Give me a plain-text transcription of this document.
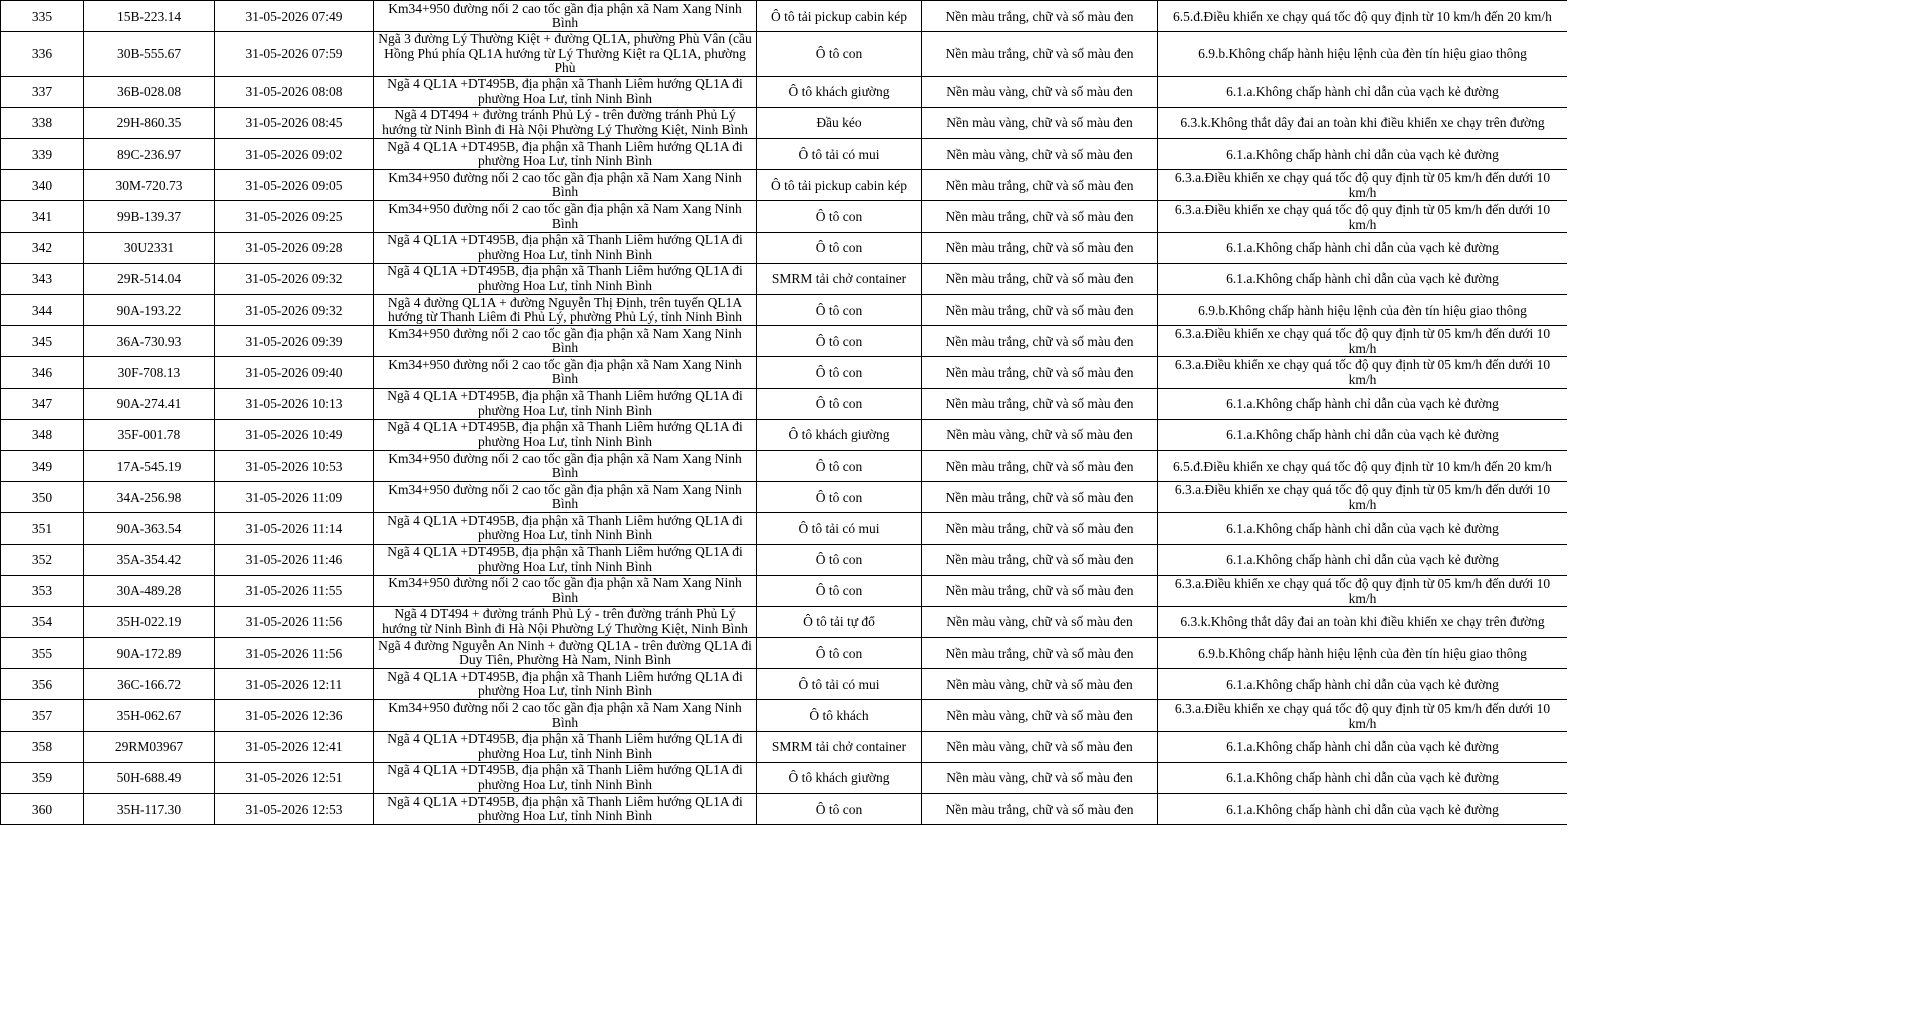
335	15B-223.14	31-05-2026 07:49	Km34+950 đường nối 2 cao tốc gần địa phận xã Nam Xang Ninh Bình	Ô tô tải pickup cabin kép	Nền màu trắng, chữ và số màu đen	6.5.đ.Điều khiển xe chạy quá tốc độ quy định từ 10 km/h đến 20 km/h
336	30B-555.67	31-05-2026 07:59	Ngã 3 đường Lý Thường Kiệt + đường QL1A, phường Phù Vân (cầu Hồng Phú phía QL1A hướng từ Lý Thường Kiệt ra QL1A, phường Phù	Ô tô con	Nền màu trắng, chữ và số màu đen	6.9.b.Không chấp hành hiệu lệnh của đèn tín hiệu giao thông
337	36B-028.08	31-05-2026 08:08	Ngã 4 QL1A +DT495B, địa phận xã Thanh Liêm hướng QL1A đi phường Hoa Lư, tỉnh Ninh Bình	Ô tô khách giường	Nền màu vàng, chữ và số màu đen	6.1.a.Không chấp hành chỉ dẫn của vạch kẻ đường
338	29H-860.35	31-05-2026 08:45	Ngã 4 DT494 + đường tránh Phủ Lý - trên đường tránh Phủ Lý hướng từ Ninh Bình đi Hà Nội Phường Lý Thường Kiệt, Ninh Bình	Đầu kéo	Nền màu vàng, chữ và số màu đen	6.3.k.Không thắt dây đai an toàn khi điều khiển xe chạy trên đường
339	89C-236.97	31-05-2026 09:02	Ngã 4 QL1A +DT495B, địa phận xã Thanh Liêm hướng QL1A đi phường Hoa Lư, tỉnh Ninh Bình	Ô tô tải có mui	Nền màu vàng, chữ và số màu đen	6.1.a.Không chấp hành chỉ dẫn của vạch kẻ đường
340	30M-720.73	31-05-2026 09:05	Km34+950 đường nối 2 cao tốc gần địa phận xã Nam Xang Ninh Bình	Ô tô tải pickup cabin kép	Nền màu trắng, chữ và số màu đen	6.3.a.Điều khiển xe chạy quá tốc độ quy định từ 05 km/h đến dưới 10 km/h
341	99B-139.37	31-05-2026 09:25	Km34+950 đường nối 2 cao tốc gần địa phận xã Nam Xang Ninh Bình	Ô tô con	Nền màu trắng, chữ và số màu đen	6.3.a.Điều khiển xe chạy quá tốc độ quy định từ 05 km/h đến dưới 10 km/h
342	30U2331	31-05-2026 09:28	Ngã 4 QL1A +DT495B, địa phận xã Thanh Liêm hướng QL1A đi phường Hoa Lư, tỉnh Ninh Bình	Ô tô con	Nền màu trắng, chữ và số màu đen	6.1.a.Không chấp hành chỉ dẫn của vạch kẻ đường
343	29R-514.04	31-05-2026 09:32	Ngã 4 QL1A +DT495B, địa phận xã Thanh Liêm hướng QL1A đi phường Hoa Lư, tỉnh Ninh Bình	SMRM tải chở container	Nền màu trắng, chữ và số màu đen	6.1.a.Không chấp hành chỉ dẫn của vạch kẻ đường
344	90A-193.22	31-05-2026 09:32	Ngã 4 đường QL1A + đường Nguyễn Thị Định, trên tuyến QL1A hướng từ Thanh Liêm đi Phủ Lý, phường Phủ Lý, tỉnh Ninh Bình	Ô tô con	Nền màu trắng, chữ và số màu đen	6.9.b.Không chấp hành hiệu lệnh của đèn tín hiệu giao thông
345	36A-730.93	31-05-2026 09:39	Km34+950 đường nối 2 cao tốc gần địa phận xã Nam Xang Ninh Bình	Ô tô con	Nền màu trắng, chữ và số màu đen	6.3.a.Điều khiển xe chạy quá tốc độ quy định từ 05 km/h đến dưới 10 km/h
346	30F-708.13	31-05-2026 09:40	Km34+950 đường nối 2 cao tốc gần địa phận xã Nam Xang Ninh Bình	Ô tô con	Nền màu trắng, chữ và số màu đen	6.3.a.Điều khiển xe chạy quá tốc độ quy định từ 05 km/h đến dưới 10 km/h
347	90A-274.41	31-05-2026 10:13	Ngã 4 QL1A +DT495B, địa phận xã Thanh Liêm hướng QL1A đi phường Hoa Lư, tỉnh Ninh Bình	Ô tô con	Nền màu trắng, chữ và số màu đen	6.1.a.Không chấp hành chỉ dẫn của vạch kẻ đường
348	35F-001.78	31-05-2026 10:49	Ngã 4 QL1A +DT495B, địa phận xã Thanh Liêm hướng QL1A đi phường Hoa Lư, tỉnh Ninh Bình	Ô tô khách giường	Nền màu vàng, chữ và số màu đen	6.1.a.Không chấp hành chỉ dẫn của vạch kẻ đường
349	17A-545.19	31-05-2026 10:53	Km34+950 đường nối 2 cao tốc gần địa phận xã Nam Xang Ninh Bình	Ô tô con	Nền màu trắng, chữ và số màu đen	6.5.đ.Điều khiển xe chạy quá tốc độ quy định từ 10 km/h đến 20 km/h
350	34A-256.98	31-05-2026 11:09	Km34+950 đường nối 2 cao tốc gần địa phận xã Nam Xang Ninh Bình	Ô tô con	Nền màu trắng, chữ và số màu đen	6.3.a.Điều khiển xe chạy quá tốc độ quy định từ 05 km/h đến dưới 10 km/h
351	90A-363.54	31-05-2026 11:14	Ngã 4 QL1A +DT495B, địa phận xã Thanh Liêm hướng QL1A đi phường Hoa Lư, tỉnh Ninh Bình	Ô tô tải có mui	Nền màu trắng, chữ và số màu đen	6.1.a.Không chấp hành chỉ dẫn của vạch kẻ đường
352	35A-354.42	31-05-2026 11:46	Ngã 4 QL1A +DT495B, địa phận xã Thanh Liêm hướng QL1A đi phường Hoa Lư, tỉnh Ninh Bình	Ô tô con	Nền màu trắng, chữ và số màu đen	6.1.a.Không chấp hành chỉ dẫn của vạch kẻ đường
353	30A-489.28	31-05-2026 11:55	Km34+950 đường nối 2 cao tốc gần địa phận xã Nam Xang Ninh Bình	Ô tô con	Nền màu trắng, chữ và số màu đen	6.3.a.Điều khiển xe chạy quá tốc độ quy định từ 05 km/h đến dưới 10 km/h
354	35H-022.19	31-05-2026 11:56	Ngã 4 DT494 + đường tránh Phủ Lý - trên đường tránh Phủ Lý hướng từ Ninh Bình đi Hà Nội Phường Lý Thường Kiệt, Ninh Bình	Ô tô tải tự đổ	Nền màu vàng, chữ và số màu đen	6.3.k.Không thắt dây đai an toàn khi điều khiển xe chạy trên đường
355	90A-172.89	31-05-2026 11:56	Ngã 4 đường Nguyễn An Ninh + đường QL1A - trên đường QL1A đi Duy Tiên, Phường Hà Nam, Ninh Bình	Ô tô con	Nền màu trắng, chữ và số màu đen	6.9.b.Không chấp hành hiệu lệnh của đèn tín hiệu giao thông
356	36C-166.72	31-05-2026 12:11	Ngã 4 QL1A +DT495B, địa phận xã Thanh Liêm hướng QL1A đi phường Hoa Lư, tỉnh Ninh Bình	Ô tô tải có mui	Nền màu vàng, chữ và số màu đen	6.1.a.Không chấp hành chỉ dẫn của vạch kẻ đường
357	35H-062.67	31-05-2026 12:36	Km34+950 đường nối 2 cao tốc gần địa phận xã Nam Xang Ninh Bình	Ô tô khách	Nền màu vàng, chữ và số màu đen	6.3.a.Điều khiển xe chạy quá tốc độ quy định từ 05 km/h đến dưới 10 km/h
358	29RM03967	31-05-2026 12:41	Ngã 4 QL1A +DT495B, địa phận xã Thanh Liêm hướng QL1A đi phường Hoa Lư, tỉnh Ninh Bình	SMRM tải chở container	Nền màu vàng, chữ và số màu đen	6.1.a.Không chấp hành chỉ dẫn của vạch kẻ đường
359	50H-688.49	31-05-2026 12:51	Ngã 4 QL1A +DT495B, địa phận xã Thanh Liêm hướng QL1A đi phường Hoa Lư, tỉnh Ninh Bình	Ô tô khách giường	Nền màu vàng, chữ và số màu đen	6.1.a.Không chấp hành chỉ dẫn của vạch kẻ đường
360	35H-117.30	31-05-2026 12:53	Ngã 4 QL1A +DT495B, địa phận xã Thanh Liêm hướng QL1A đi phường Hoa Lư, tỉnh Ninh Bình	Ô tô con	Nền màu trắng, chữ và số màu đen	6.1.a.Không chấp hành chỉ dẫn của vạch kẻ đường
